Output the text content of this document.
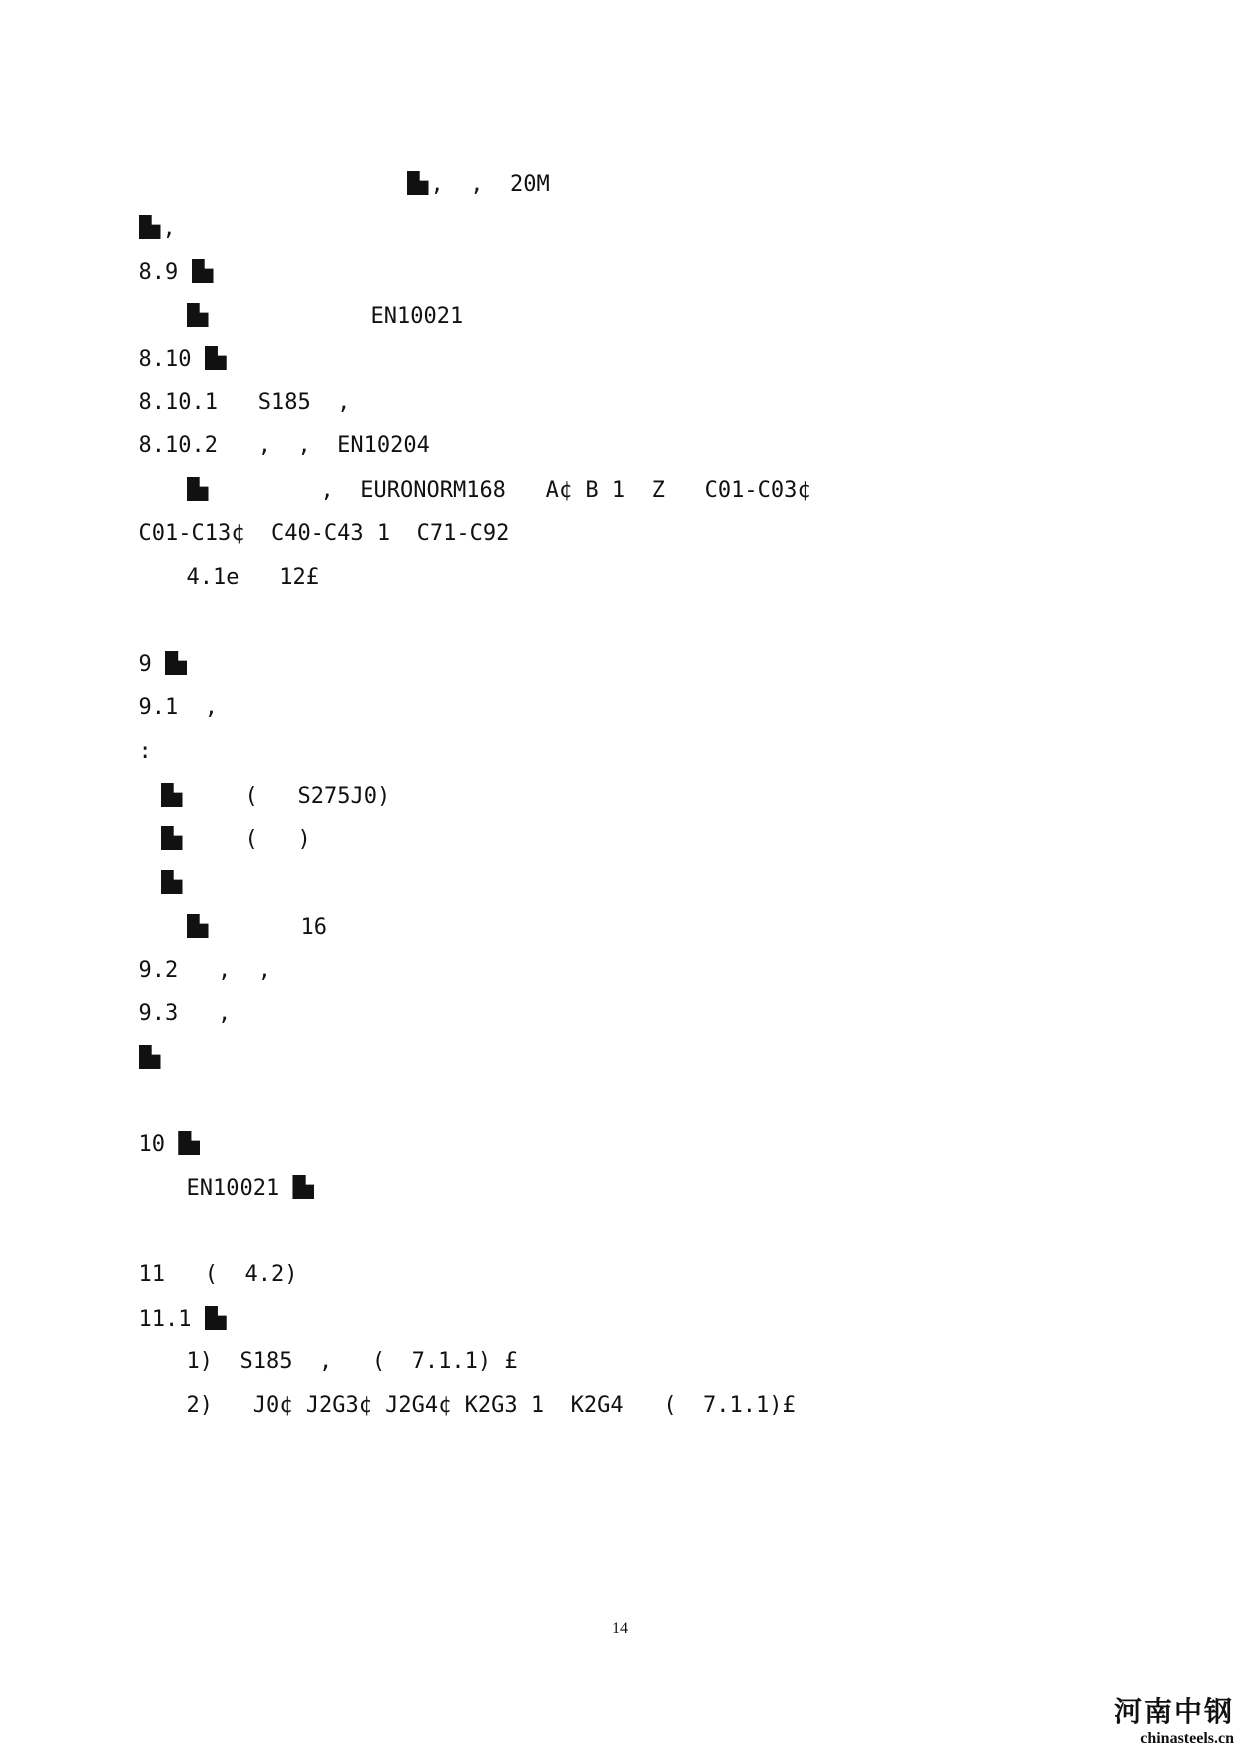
,  ,  20M

,

8.9

EN10021

8.10

8.10.1   S185  ,

8.10.2   ,  ,  EN10204

,  EURONORM168   A¢ B 1  Z   C01-C03¢

C01-C13¢  C40-C43 1  C71-C92

4.1e   12£

9

9.1  ,

:

(   S275J0)

(   )

16

9.2   ,  ,

9.3   ,

10

EN10021

11   (  4.2)

11.1

1)  S185  ,   (  7.1.1) £

2)   J0¢ J2G3¢ J2G4¢ K2G3 1  K2G4   (  7.1.1)£

14
河南中钢
chinasteels.cn
